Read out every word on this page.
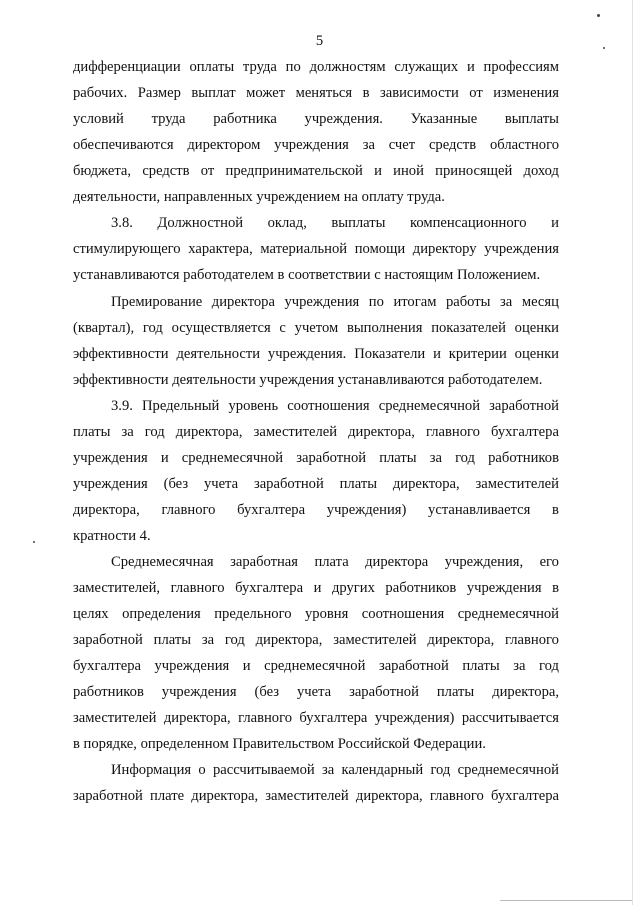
5
дифференциации оплаты труда по должностям служащих и профессиям
рабочих. Размер выплат может меняться в зависимости от изменения
условий труда работника учреждения. Указанные выплаты
обеспечиваются директором учреждения за счет средств областного
бюджета, средств от предпринимательской и иной приносящей доход
деятельности, направленных учреждением на оплату труда.
3.8. Должностной оклад, выплаты компенсационного и
стимулирующего характера, материальной помощи директору учреждения
устанавливаются работодателем в соответствии с настоящим Положением.
Премирование директора учреждения по итогам работы за месяц
(квартал), год осуществляется с учетом выполнения показателей оценки
эффективности деятельности учреждения. Показатели и критерии оценки
эффективности деятельности учреждения устанавливаются работодателем.
3.9. Предельный уровень соотношения среднемесячной заработной
платы за год директора, заместителей директора, главного бухгалтера
учреждения и среднемесячной заработной платы за год работников
учреждения (без учета заработной платы директора, заместителей
директора, главного бухгалтера учреждения) устанавливается в
кратности 4.
Среднемесячная заработная плата директора учреждения, его
заместителей, главного бухгалтера и других работников учреждения в
целях определения предельного уровня соотношения среднемесячной
заработной платы за год директора, заместителей директора, главного
бухгалтера учреждения и среднемесячной заработной платы за год
работников учреждения (без учета заработной платы директора,
заместителей директора, главного бухгалтера учреждения) рассчитывается
в порядке, определенном Правительством Российской Федерации.
Информация о рассчитываемой за календарный год среднемесячной
заработной плате директора, заместителей директора, главного бухгалтера
